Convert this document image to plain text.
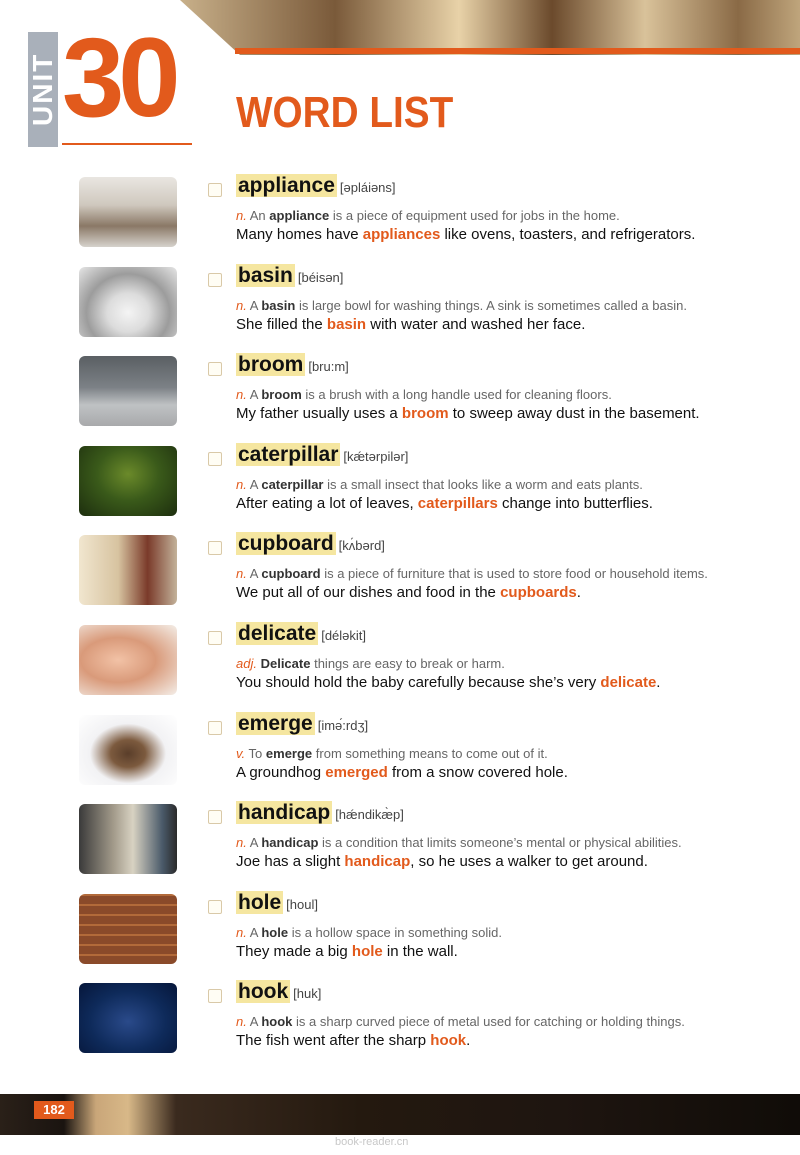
UNIT 30 WORD LIST
appliance [əpláiəns]
n. An appliance is a piece of equipment used for jobs in the home.
Many homes have appliances like ovens, toasters, and refrigerators.
basin [béisən]
n. A basin is large bowl for washing things. A sink is sometimes called a basin.
She filled the basin with water and washed her face.
broom [bru:m]
n. A broom is a brush with a long handle used for cleaning floors.
My father usually uses a broom to sweep away dust in the basement.
caterpillar [kǽtərpilər]
n. A caterpillar is a small insect that looks like a worm and eats plants.
After eating a lot of leaves, caterpillars change into butterflies.
cupboard [kʌ́bərd]
n. A cupboard is a piece of furniture that is used to store food or household items.
We put all of our dishes and food in the cupboards.
delicate [délәkit]
adj. Delicate things are easy to break or harm.
You should hold the baby carefully because she’s very delicate.
emerge [imә́:rdʒ]
v. To emerge from something means to come out of it.
A groundhog emerged from a snow covered hole.
handicap [hǽndikæ̀p]
n. A handicap is a condition that limits someone’s mental or physical abilities.
Joe has a slight handicap, so he uses a walker to get around.
hole [houl]
n. A hole is a hollow space in something solid.
They made a big hole in the wall.
hook [huk]
n. A hook is a sharp curved piece of metal used for catching or holding things.
The fish went after the sharp hook.
182
book-reader.cn
